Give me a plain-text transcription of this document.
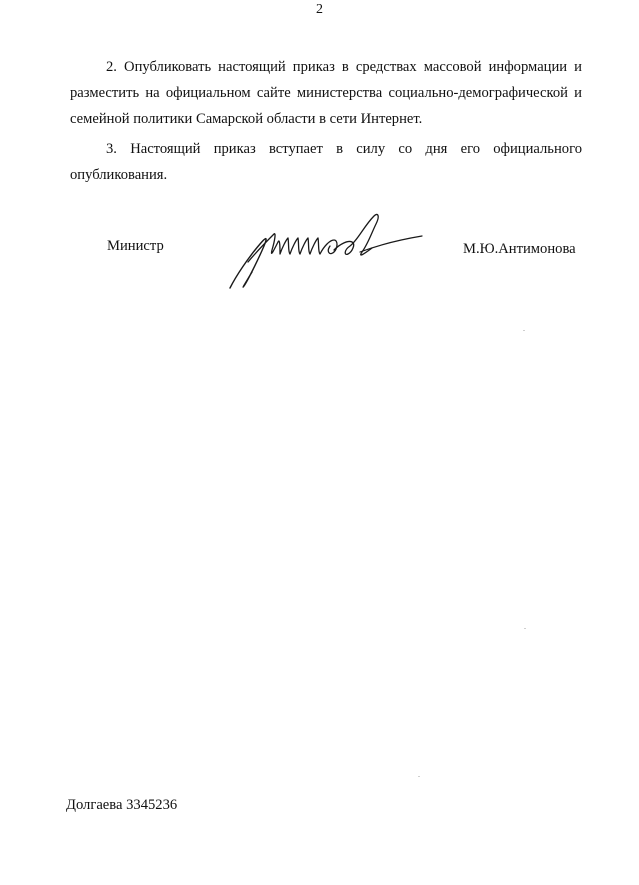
2

2. Опубликовать настоящий приказ в средствах массовой информации и разместить на официальном сайте министерства социально-демографической и семейной политики Самарской области в сети Интернет.

3. Настоящий приказ вступает в силу со дня его официального опубликования.

Министр	М.Ю.Антимонова
Долгаева 3345236
